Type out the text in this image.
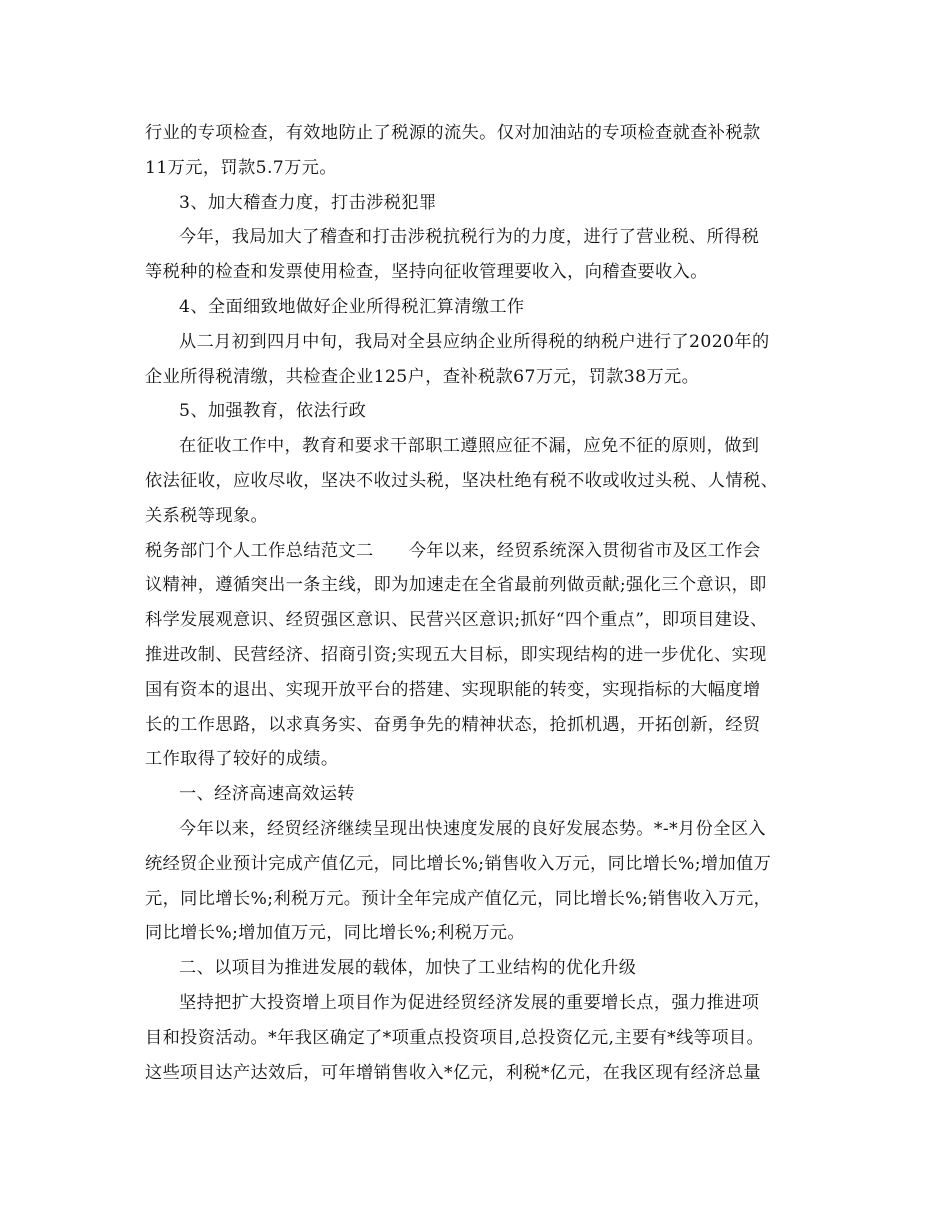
行业的专项检查，有效地防止了税源的流失。仅对加油站的专项检查就查补税款
11万元，罚款5.7万元。
3、加大稽查力度，打击涉税犯罪
今年，我局加大了稽查和打击涉税抗税行为的力度，进行了营业税、所得税
等税种的检查和发票使用检查，坚持向征收管理要收入，向稽查要收入。
4、全面细致地做好企业所得税汇算清缴工作
从二月初到四月中旬，我局对全县应纳企业所得税的纳税户进行了2020年的
企业所得税清缴，共检查企业125户，查补税款67万元，罚款38万元。
5、加强教育，依法行政
在征收工作中，教育和要求干部职工遵照应征不漏，应免不征的原则，做到
依法征收，应收尽收，坚决不收过头税，坚决杜绝有税不收或收过头税、人情税、
关系税等现象。
税务部门个人工作总结范文二　　今年以来，经贸系统深入贯彻省市及区工作会
议精神，遵循突出一条主线，即为加速走在全省最前列做贡献;强化三个意识，即
科学发展观意识、经贸强区意识、民营兴区意识;抓好“四个重点”，即项目建设、
推进改制、民营经济、招商引资;实现五大目标，即实现结构的进一步优化、实现
国有资本的退出、实现开放平台的搭建、实现职能的转变，实现指标的大幅度增
长的工作思路，以求真务实、奋勇争先的精神状态，抢抓机遇，开拓创新，经贸
工作取得了较好的成绩。
一、经济高速高效运转
今年以来，经贸经济继续呈现出快速度发展的良好发展态势。*-*月份全区入
统经贸企业预计完成产值亿元，同比增长%;销售收入万元，同比增长%;增加值万
元，同比增长%;利税万元。预计全年完成产值亿元，同比增长%;销售收入万元，
同比增长%;增加值万元，同比增长%;利税万元。
二、以项目为推进发展的载体，加快了工业结构的优化升级
坚持把扩大投资增上项目作为促进经贸经济发展的重要增长点，强力推进项
目和投资活动。*年我区确定了*项重点投资项目,总投资亿元,主要有*线等项目。
这些项目达产达效后，可年增销售收入*亿元，利税*亿元，在我区现有经济总量
